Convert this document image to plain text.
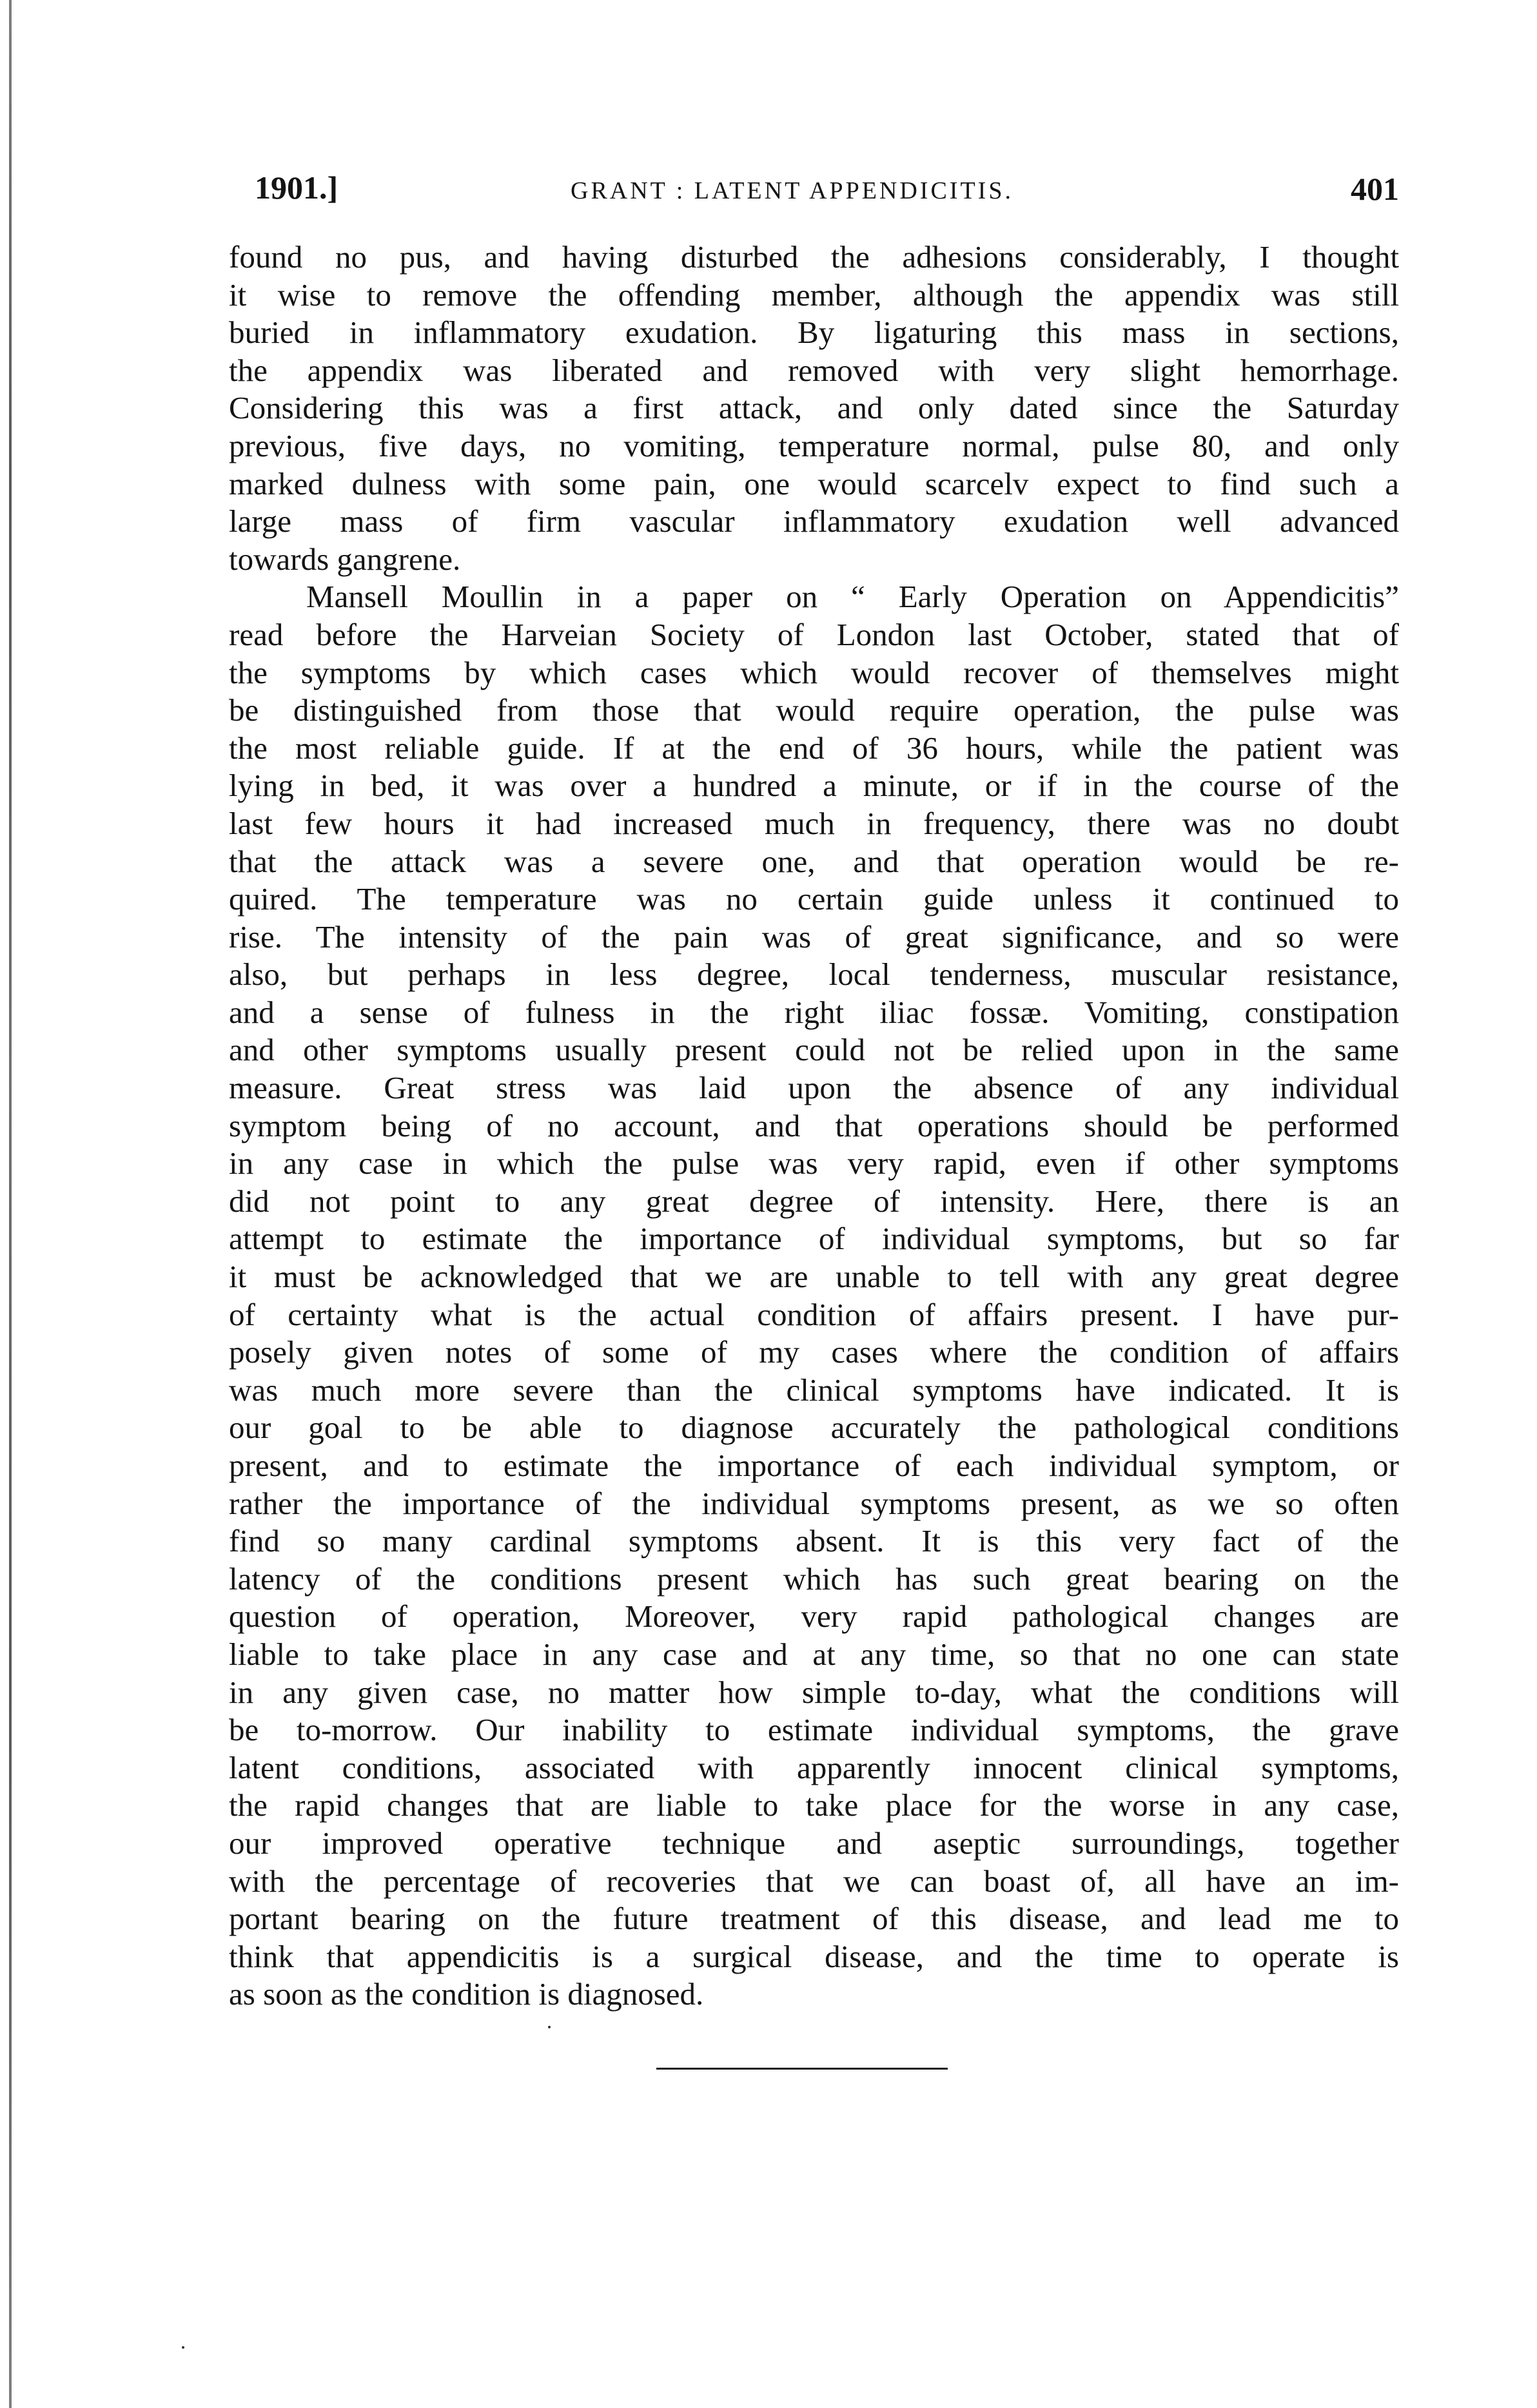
1901.]	GRANT : LATENT APPENDICITIS.	401
found no pus, and having disturbed the adhesions considerably, I thought
it wise to remove the offending member, although the appendix was still
buried in inflammatory exudation. By ligaturing this mass in sections,
the appendix was liberated and removed with very slight hemorrhage.
Considering this was a first attack, and only dated since the Saturday
previous, five days, no vomiting, temperature normal, pulse 80, and only
marked dulness with some pain, one would scarcelv expect to find such a
large mass of firm vascular inflammatory exudation well advanced
towards gangrene.
Mansell Moullin in a paper on “ Early Operation on Appendicitis”
read before the Harveian Society of London last October, stated that of
the symptoms by which cases which would recover of themselves might
be distinguished from those that would require operation, the pulse was
the most reliable guide. If at the end of 36 hours, while the patient was
lying in bed, it was over a hundred a minute, or if in the course of the
last few hours it had increased much in frequency, there was no doubt
that the attack was a severe one, and that operation would be re-
quired. The temperature was no certain guide unless it continued to
rise. The intensity of the pain was of great significance, and so were
also, but perhaps in less degree, local tenderness, muscular resistance,
and a sense of fulness in the right iliac fossæ. Vomiting, constipation
and other symptoms usually present could not be relied upon in the same
measure. Great stress was laid upon the absence of any individual
symptom being of no account, and that operations should be performed
in any case in which the pulse was very rapid, even if other symptoms
did not point to any great degree of intensity. Here, there is an
attempt to estimate the importance of individual symptoms, but so far
it must be acknowledged that we are unable to tell with any great degree
of certainty what is the actual condition of affairs present. I have pur-
posely given notes of some of my cases where the condition of affairs
was much more severe than the clinical symptoms have indicated. It is
our goal to be able to diagnose accurately the pathological conditions
present, and to estimate the importance of each individual symptom, or
rather the importance of the individual symptoms present, as we so often
find so many cardinal symptoms absent. It is this very fact of the
latency of the conditions present which has such great bearing on the
question of operation, Moreover, very rapid pathological changes are
liable to take place in any case and at any time, so that no one can state
in any given case, no matter how simple to-day, what the conditions will
be to-morrow. Our inability to estimate individual symptoms, the grave
latent conditions, associated with apparently innocent clinical symptoms,
the rapid changes that are liable to take place for the worse in any case,
our improved operative technique and aseptic surroundings, together
with the percentage of recoveries that we can boast of, all have an im-
portant bearing on the future treatment of this disease, and lead me to
think that appendicitis is a surgical disease, and the time to operate is
as soon as the condition is diagnosed.
